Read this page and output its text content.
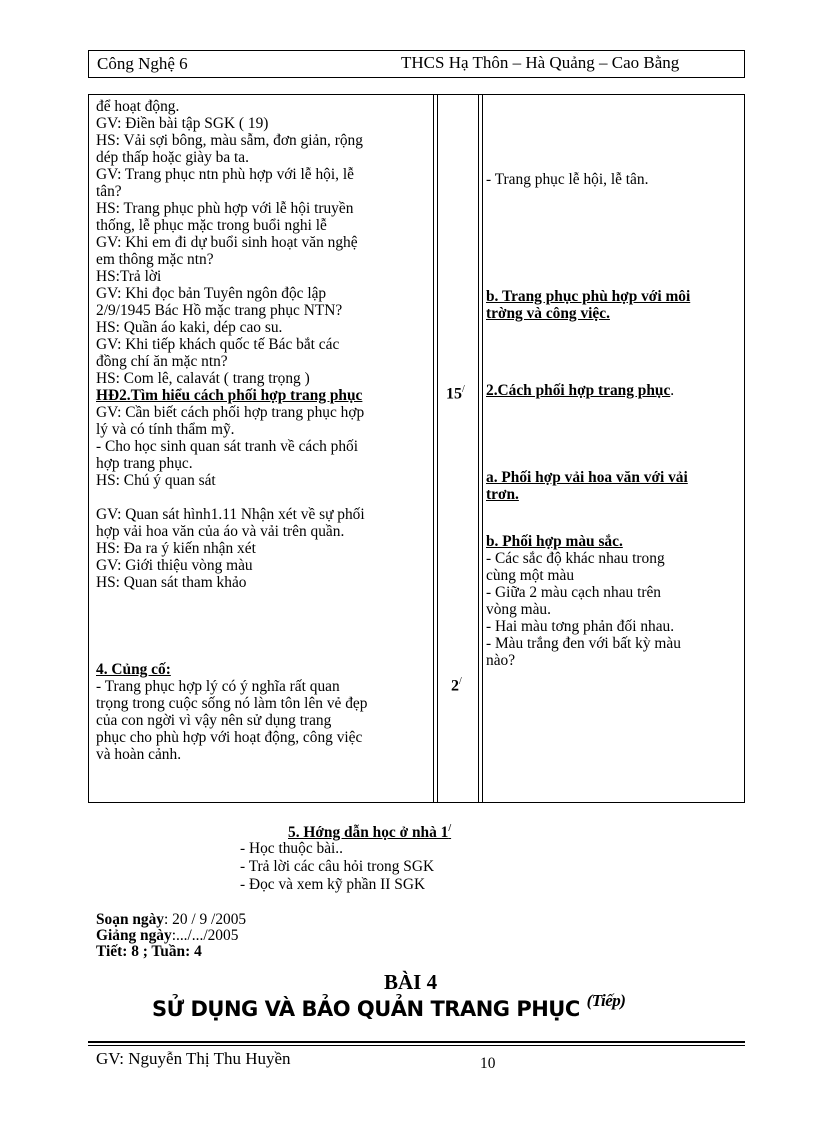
Công Nghệ 6	THCS Hạ Thôn – Hà Quảng – Cao Bằng

để hoạt động.

GV: Điền bài tập SGK ( 19)

HS: Vải sợi bông, màu sẫm, đơn giản, rộng

dép thấp hoặc giày ba ta.

GV: Trang phục ntn phù hợp với lễ hội, lễ

tân?

HS: Trang phục phù hợp với lễ hội truyền

thống, lễ phục mặc trong buổi nghi lễ

GV: Khi em đi dự buổi sinh hoạt văn nghệ

em thông mặc ntn?

HS:Trả lời

GV: Khi đọc bản Tuyên ngôn độc lập

2/9/1945 Bác Hồ mặc trang phục NTN?

HS: Quần áo kaki, dép cao su.

GV: Khi tiếp khách quốc tế Bác bắt các

đồng chí ăn mặc ntn?

HS: Com lê, calavát ( trang trọng )

HĐ2.Tìm hiểu cách phối hợp trang phục

GV: Cần biết cách phối hợp trang phục hợp

lý và có tính thẩm mỹ.

- Cho học sinh quan sát tranh về cách phối

hợp trang phục.

HS: Chú ý quan sát

GV: Quan sát hình1.11 Nhận xét về sự phối

hợp vải hoa văn của áo và vải trên quần.

HS: Đa ra ý kiến nhận xét

GV: Giới thiệu vòng màu

HS: Quan sát tham khảo

4. Củng cố:

- Trang phục hợp lý có ý nghĩa rất quan

trọng trong cuộc sống nó làm tôn lên vẻ đẹp

của con ngời vì vậy nên sử dụng trang

phục cho phù hợp với hoạt động, công việc

và hoàn cảnh.

15/
2/

- Trang phục lễ hội, lễ tân.

b. Trang phục phù hợp với môi

trờng và công việc.

2.Cách phối hợp trang phục.

a. Phối hợp vải hoa văn với vải

trơn.

b. Phối hợp màu sắc.

- Các sắc độ khác nhau trong

cùng một màu

- Giữa 2 màu cạch nhau trên

vòng màu.

- Hai màu tơng phản đối nhau.

- Màu trắng đen với bất kỳ màu

nào?

5. Hớng dẫn học ở nhà 1/

- Học thuộc bài..

- Trả lời các câu hỏi trong SGK

- Đọc và xem kỹ phần II SGK

Soạn ngày: 20 / 9 /2005

Giảng ngày:.../.../2005

Tiết: 8 ; Tuần: 4

BÀI 4
SỬ DỤNG VÀ BẢO QUẢN TRANG PHỤC $^{(Tiếp)}$
GV: Nguyễn Thị Thu Huyền	10
